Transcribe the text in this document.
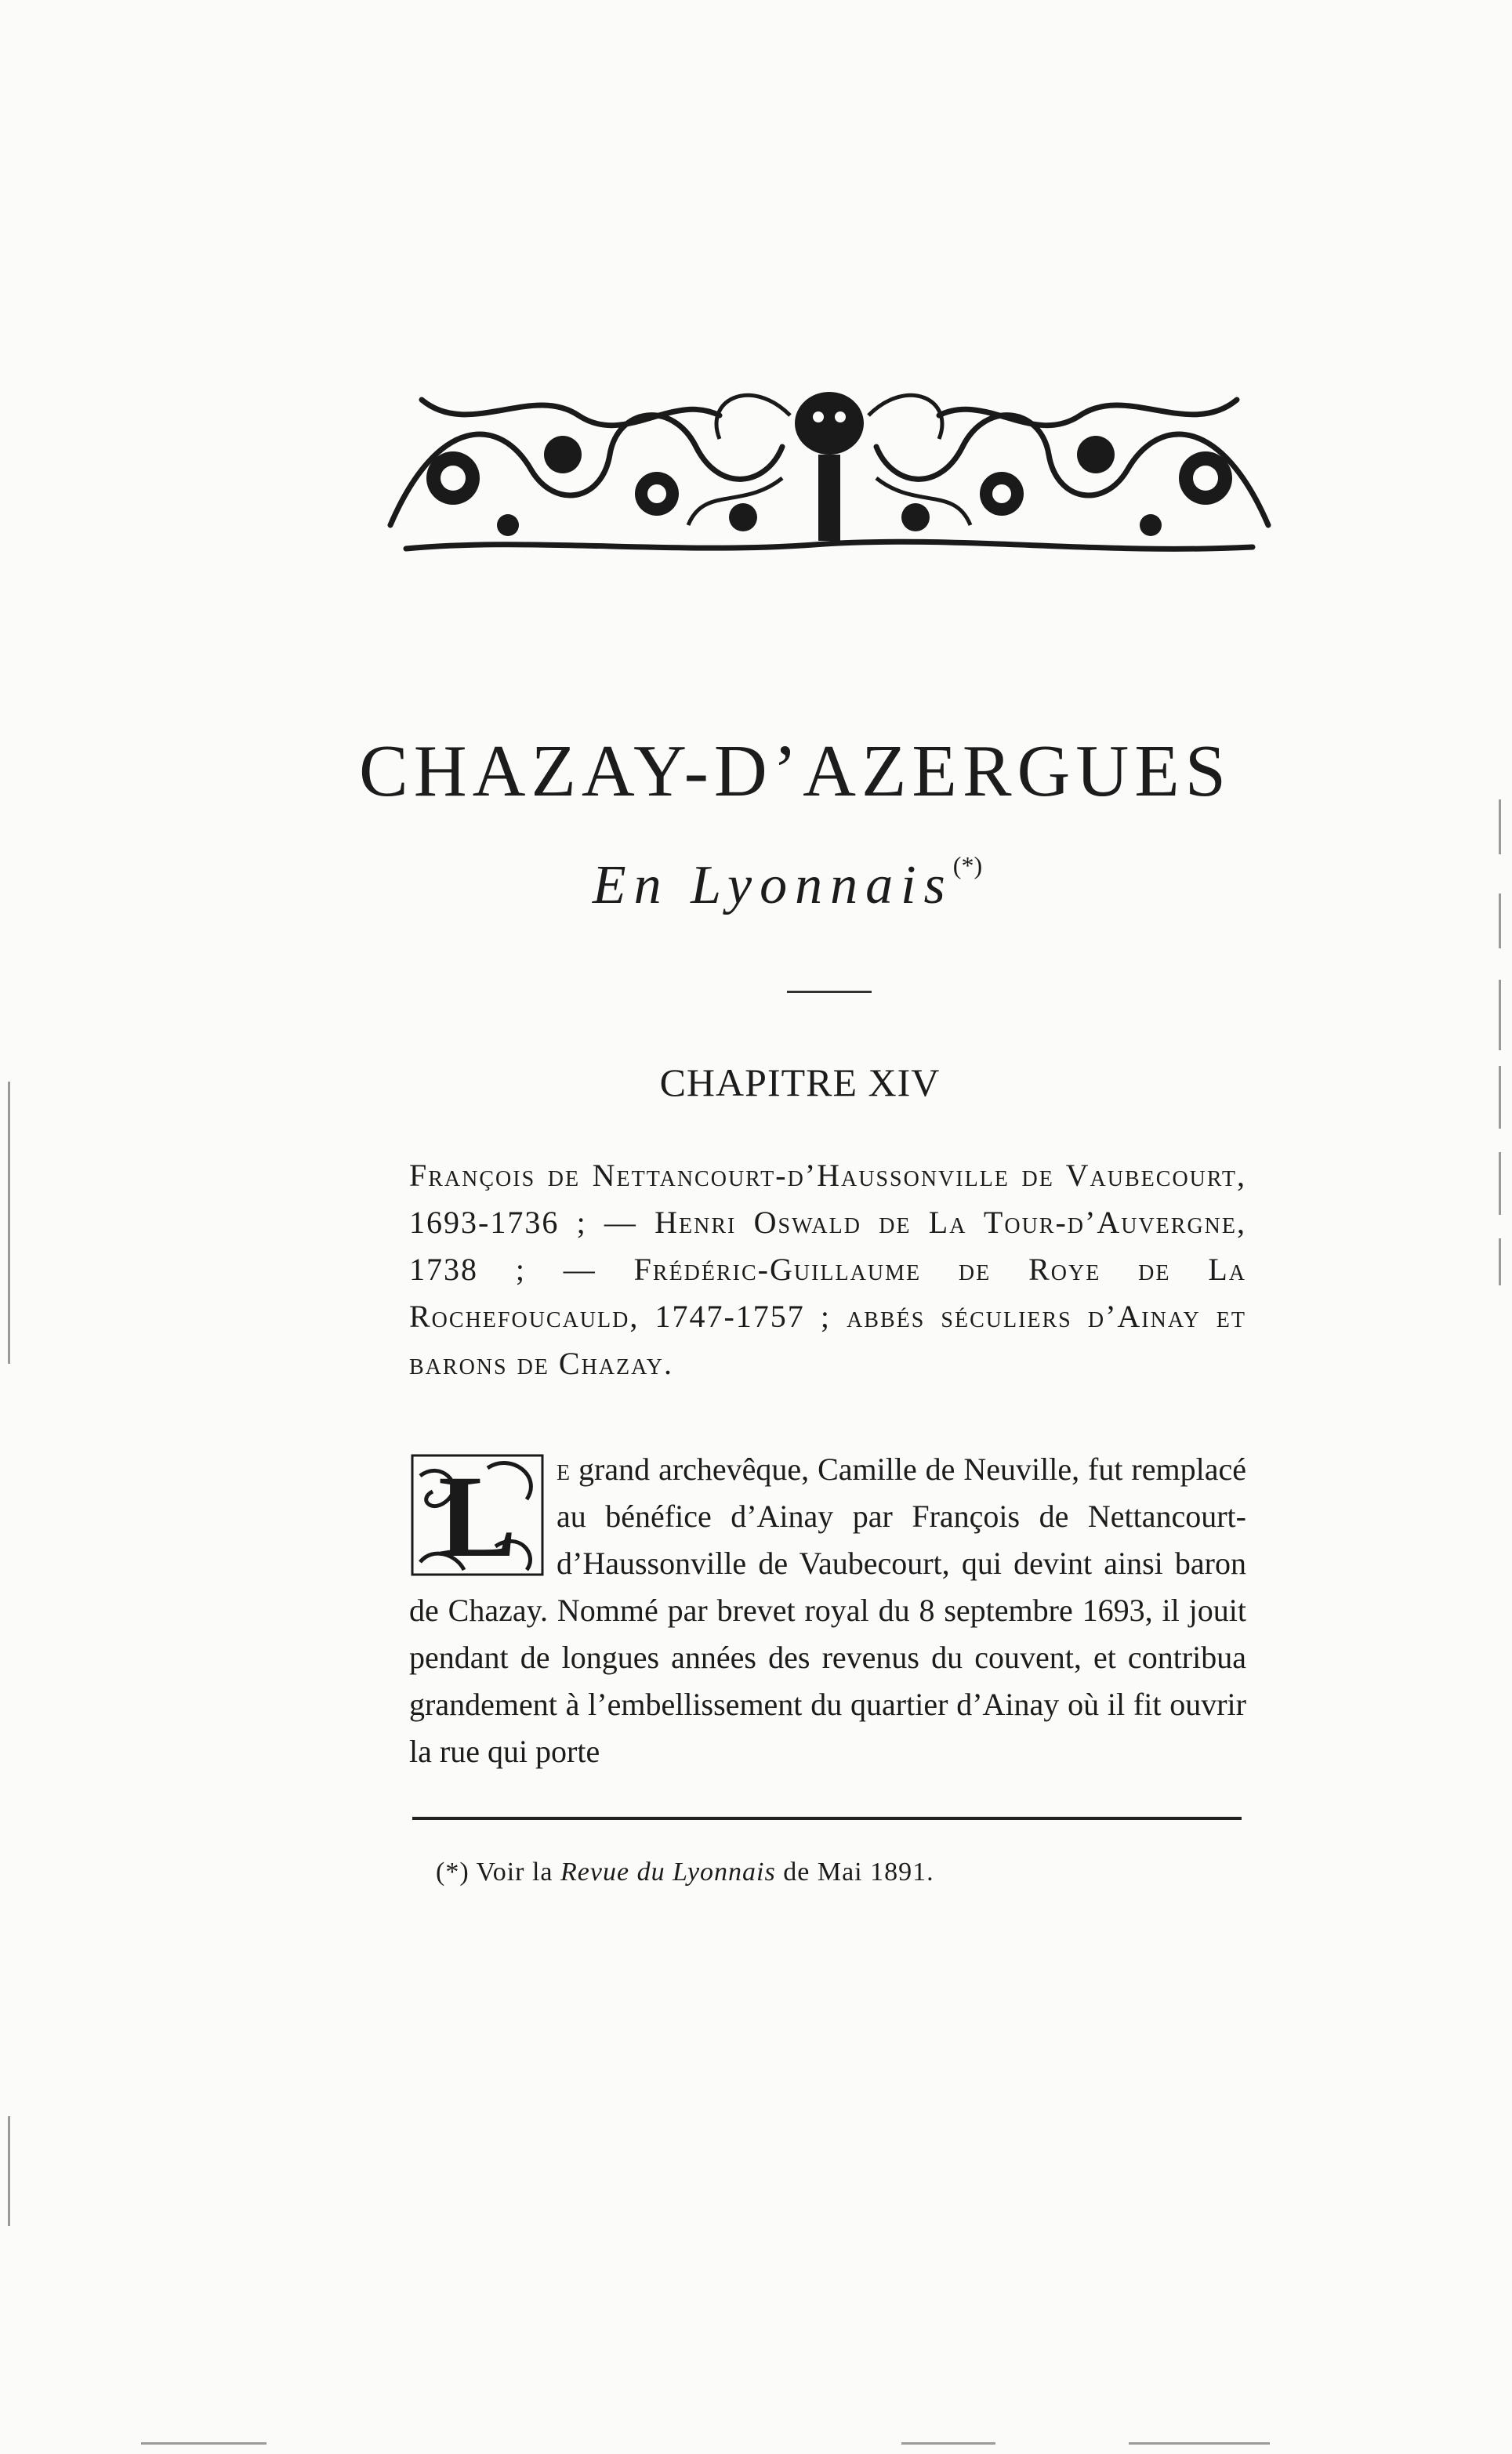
CHAZAY-D’AZERGUES
En Lyonnais(*)
CHAPITRE XIV
François de Nettancourt-d’Haussonville de Vaubecourt, 1693-1736 ; — Henri Oswald de La Tour-d’Auvergne, 1738 ; — Frédéric-Guillaume de Roye de La Rochefoucauld, 1747-1757 ; abbés séculiers d’Ainay et barons de Chazay.
L e grand archevêque, Camille de Neuville, fut remplacé au bénéfice d’Ainay par François de Nettancourt-d’Haussonville de Vaubecourt, qui devint ainsi baron de Chazay. Nommé par brevet royal du 8 septembre 1693, il jouit pendant de longues années des revenus du couvent, et contribua grandement à l’embellissement du quartier d’Ainay où il fit ouvrir la rue qui porte
(*) Voir la Revue du Lyonnais de Mai 1891.
